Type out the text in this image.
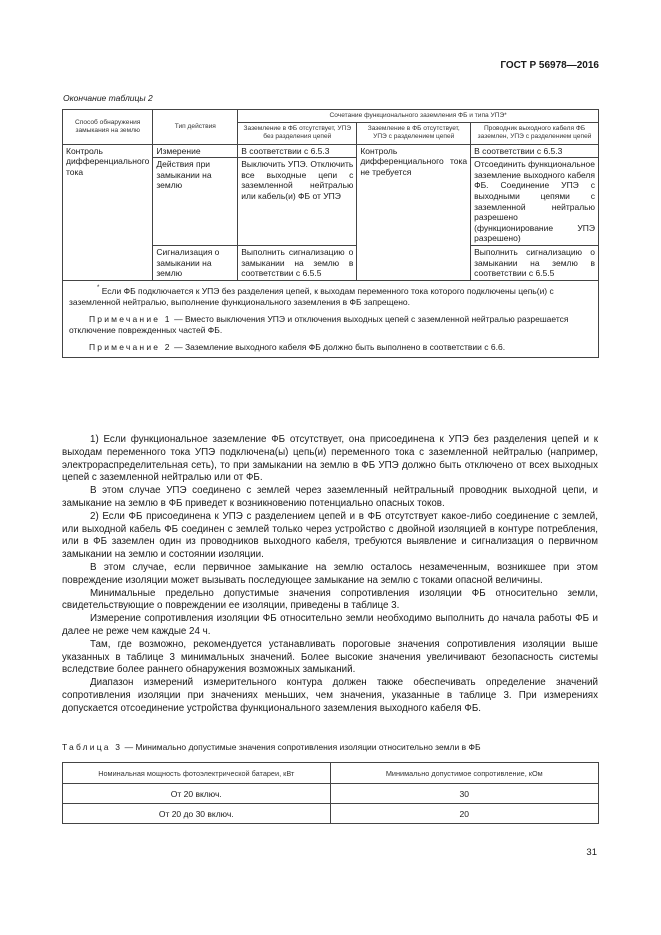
ГОСТ Р 56978—2016
Окончание таблицы 2
Способ обнаружения замыкания на землю	Тип действия	Сочетание функционального заземления ФБ и типа УПЭ*		
		Заземление в ФБ отсутствует, УПЭ без разделения цепей	Заземление в ФБ отсутствует, УПЭ с разделением цепей	Проводник выходного кабеля ФБ заземлен, УПЭ с разделением цепей
Контроль дифференциального тока	Измерение	В соответствии с 6.5.3	Контроль дифференциального тока не требуется	В соответствии с 6.5.3
	Действия при замыкании на землю	Выключить УПЭ. Отключить все выходные цепи с заземленной нейтралью или кабель(и) ФБ от УПЭ		Отсоединить функциональное заземление выходного кабеля ФБ. Соединение УПЭ с выходными цепями с заземленной нейтралью разрешено (функционирование УПЭ разрешено)
	Сигнализация о замыкании на землю	Выполнить сигнализацию о замыкании на землю в соответствии с 6.5.5		Выполнить сигнализацию о замыкании на землю в соответствии с 6.5.5

* Если ФБ подключается к УПЭ без разделения цепей, к выходам переменного тока которого подключены цепь(и) с заземленной нейтралью, выполнение функционального заземления в ФБ запрещено.

Примечание 1 — Вместо выключения УПЭ и отключения выходных цепей с заземленной нейтралью разрешается отключение поврежденных частей ФБ.

Примечание 2 — Заземление выходного кабеля ФБ должно быть выполнено в соответствии с 6.6.				

1) Если функциональное заземление ФБ отсутствует, она присоединена к УПЭ без разделения цепей и к выходам переменного тока УПЭ подключена(ы) цепь(и) переменного тока с заземленной нейтралью (например, электрораспределительная сеть), то при замыкании на землю в ФБ УПЭ должно быть отключено от всех выходных цепей с заземленной нейтралью или от ФБ.

В этом случае УПЭ соединено с землей через заземленный нейтральный проводник выходной цепи, и замыкание на землю в ФБ приведет к возникновению потенциально опасных токов.

2) Если ФБ присоединена к УПЭ с разделением цепей и в ФБ отсутствует какое-либо соединение с землей, или выходной кабель ФБ соединен с землей только через устройство с двойной изоляцией в контуре потребления, или в ФБ заземлен один из проводников выходного кабеля, требуются выявление и сигнализация о первичном замыкании на землю и состоянии изоляции.

В этом случае, если первичное замыкание на землю осталось незамеченным, возникшее при этом повреждение изоляции может вызывать последующее замыкание на землю с токами опасной величины.

Минимальные предельно допустимые значения сопротивления изоляции ФБ относительно земли, свидетельствующие о повреждении ее изоляции, приведены в таблице 3.

Измерение сопротивления изоляции ФБ относительно земли необходимо выполнить до начала работы ФБ и далее не реже чем каждые 24 ч.

Там, где возможно, рекомендуется устанавливать пороговые значения сопротивления изоляции выше указанных в таблице 3 минимальных значений. Более высокие значения увеличивают безопасность системы вследствие более раннего обнаружения возможных замыканий.

Диапазон измерений измерительного контура должен также обеспечивать определение значений сопротивления изоляции при значениях меньших, чем значения, указанные в таблице 3. При измерениях допускается отсоединение устройства функционального заземления выходного кабеля ФБ.

Таблица 3 — Минимально допустимые значения сопротивления изоляции относительно земли в ФБ
Номинальная мощность фотоэлектрической батареи, кВт	Минимально допустимое сопротивление, кОм
От 20 включ.	30
От 20 до 30 включ.	20
31
